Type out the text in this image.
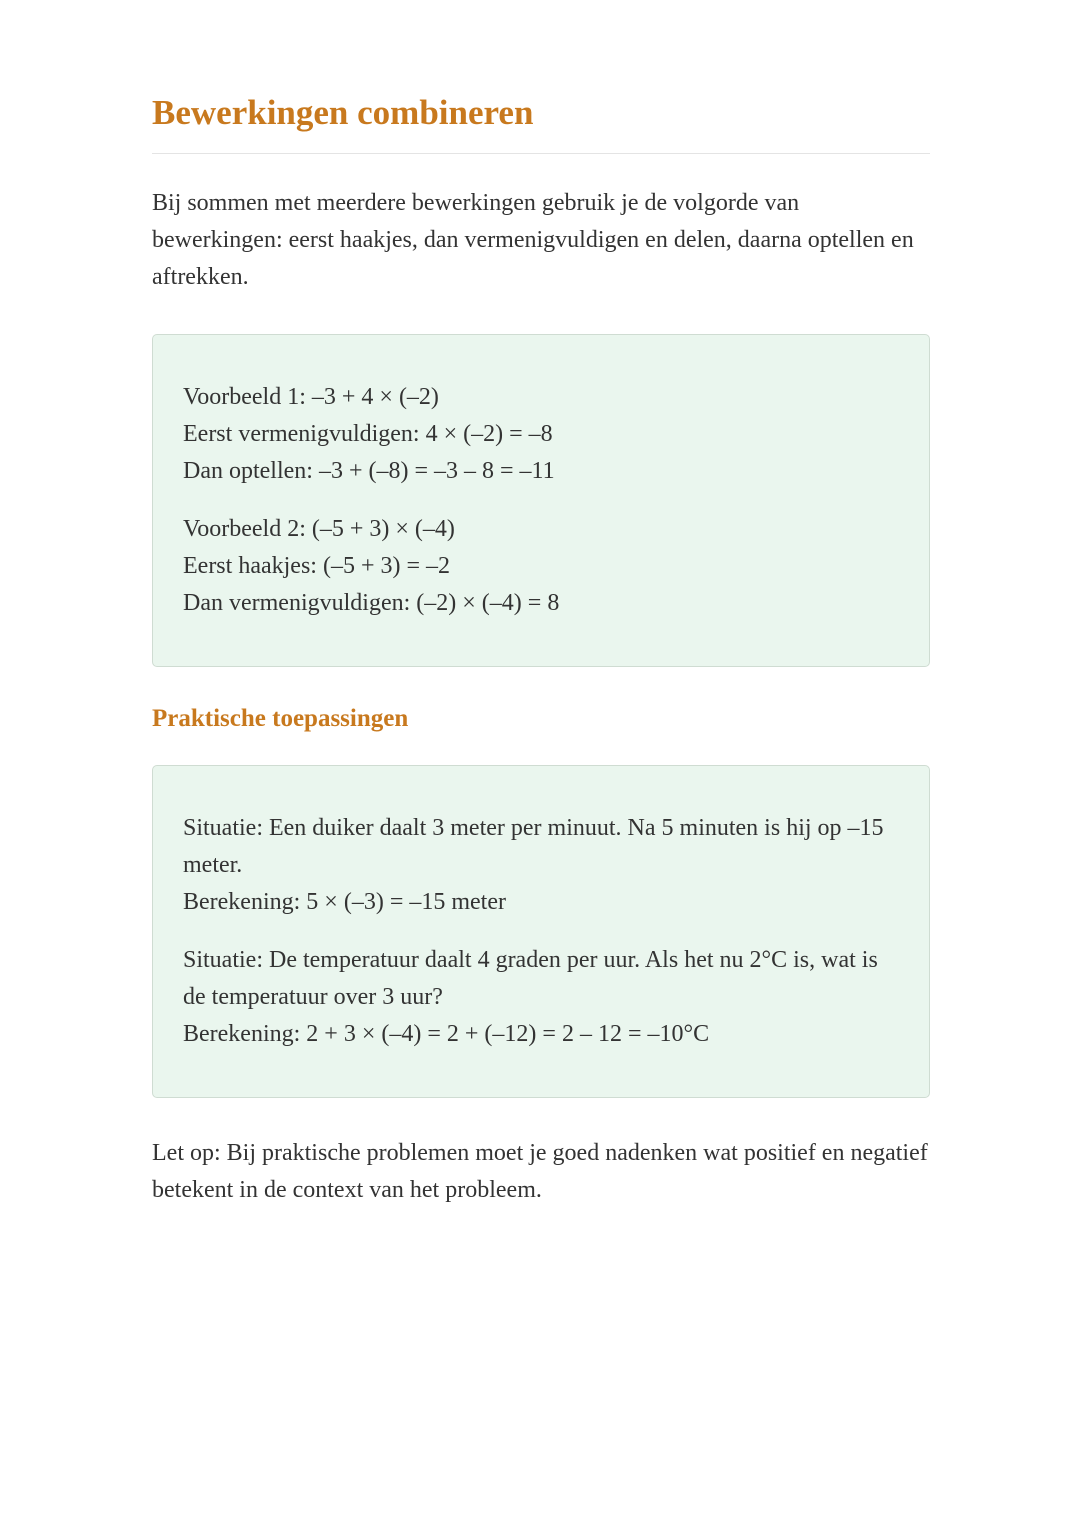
Bewerkingen combineren

Bij sommen met meerdere bewerkingen gebruik je de volgorde van bewerkingen: eerst haakjes, dan vermenigvuldigen en delen, daarna optellen en aftrekken.

Voorbeeld 1: –3 + 4 × (–2)
Eerst vermenigvuldigen: 4 × (–2) = –8
Dan optellen: –3 + (–8) = –3 – 8 = –11
Voorbeeld 2: (–5 + 3) × (–4)
Eerst haakjes: (–5 + 3) = –2
Dan vermenigvuldigen: (–2) × (–4) = 8
Praktische toepassingen
Situatie: Een duiker daalt 3 meter per minuut. Na 5 minuten is hij op –15 meter.
Berekening: 5 × (–3) = –15 meter
Situatie: De temperatuur daalt 4 graden per uur. Als het nu 2°C is, wat is de temperatuur over 3 uur?
Berekening: 2 + 3 × (–4) = 2 + (–12) = 2 – 12 = –10°C

Let op: Bij praktische problemen moet je goed nadenken wat positief en negatief betekent in de context van het probleem.
